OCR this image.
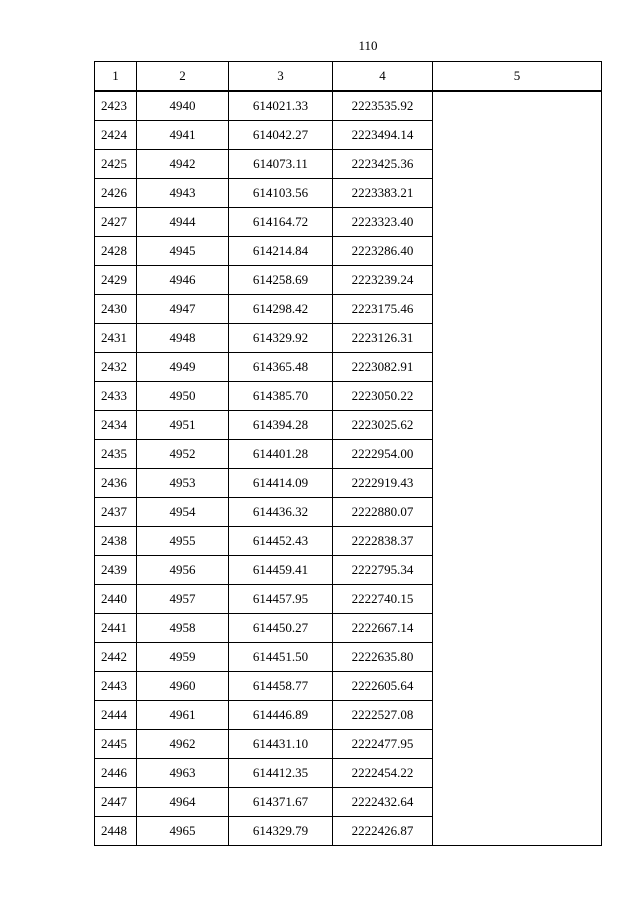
110
1	2	3	4	5
2423	4940	614021.33	2223535.92	
2424	4941	614042.27	2223494.14	
2425	4942	614073.11	2223425.36	
2426	4943	614103.56	2223383.21	
2427	4944	614164.72	2223323.40	
2428	4945	614214.84	2223286.40	
2429	4946	614258.69	2223239.24	
2430	4947	614298.42	2223175.46	
2431	4948	614329.92	2223126.31	
2432	4949	614365.48	2223082.91	
2433	4950	614385.70	2223050.22	
2434	4951	614394.28	2223025.62	
2435	4952	614401.28	2222954.00	
2436	4953	614414.09	2222919.43	
2437	4954	614436.32	2222880.07	
2438	4955	614452.43	2222838.37	
2439	4956	614459.41	2222795.34	
2440	4957	614457.95	2222740.15	
2441	4958	614450.27	2222667.14	
2442	4959	614451.50	2222635.80	
2443	4960	614458.77	2222605.64	
2444	4961	614446.89	2222527.08	
2445	4962	614431.10	2222477.95	
2446	4963	614412.35	2222454.22	
2447	4964	614371.67	2222432.64	
2448	4965	614329.79	2222426.87	
